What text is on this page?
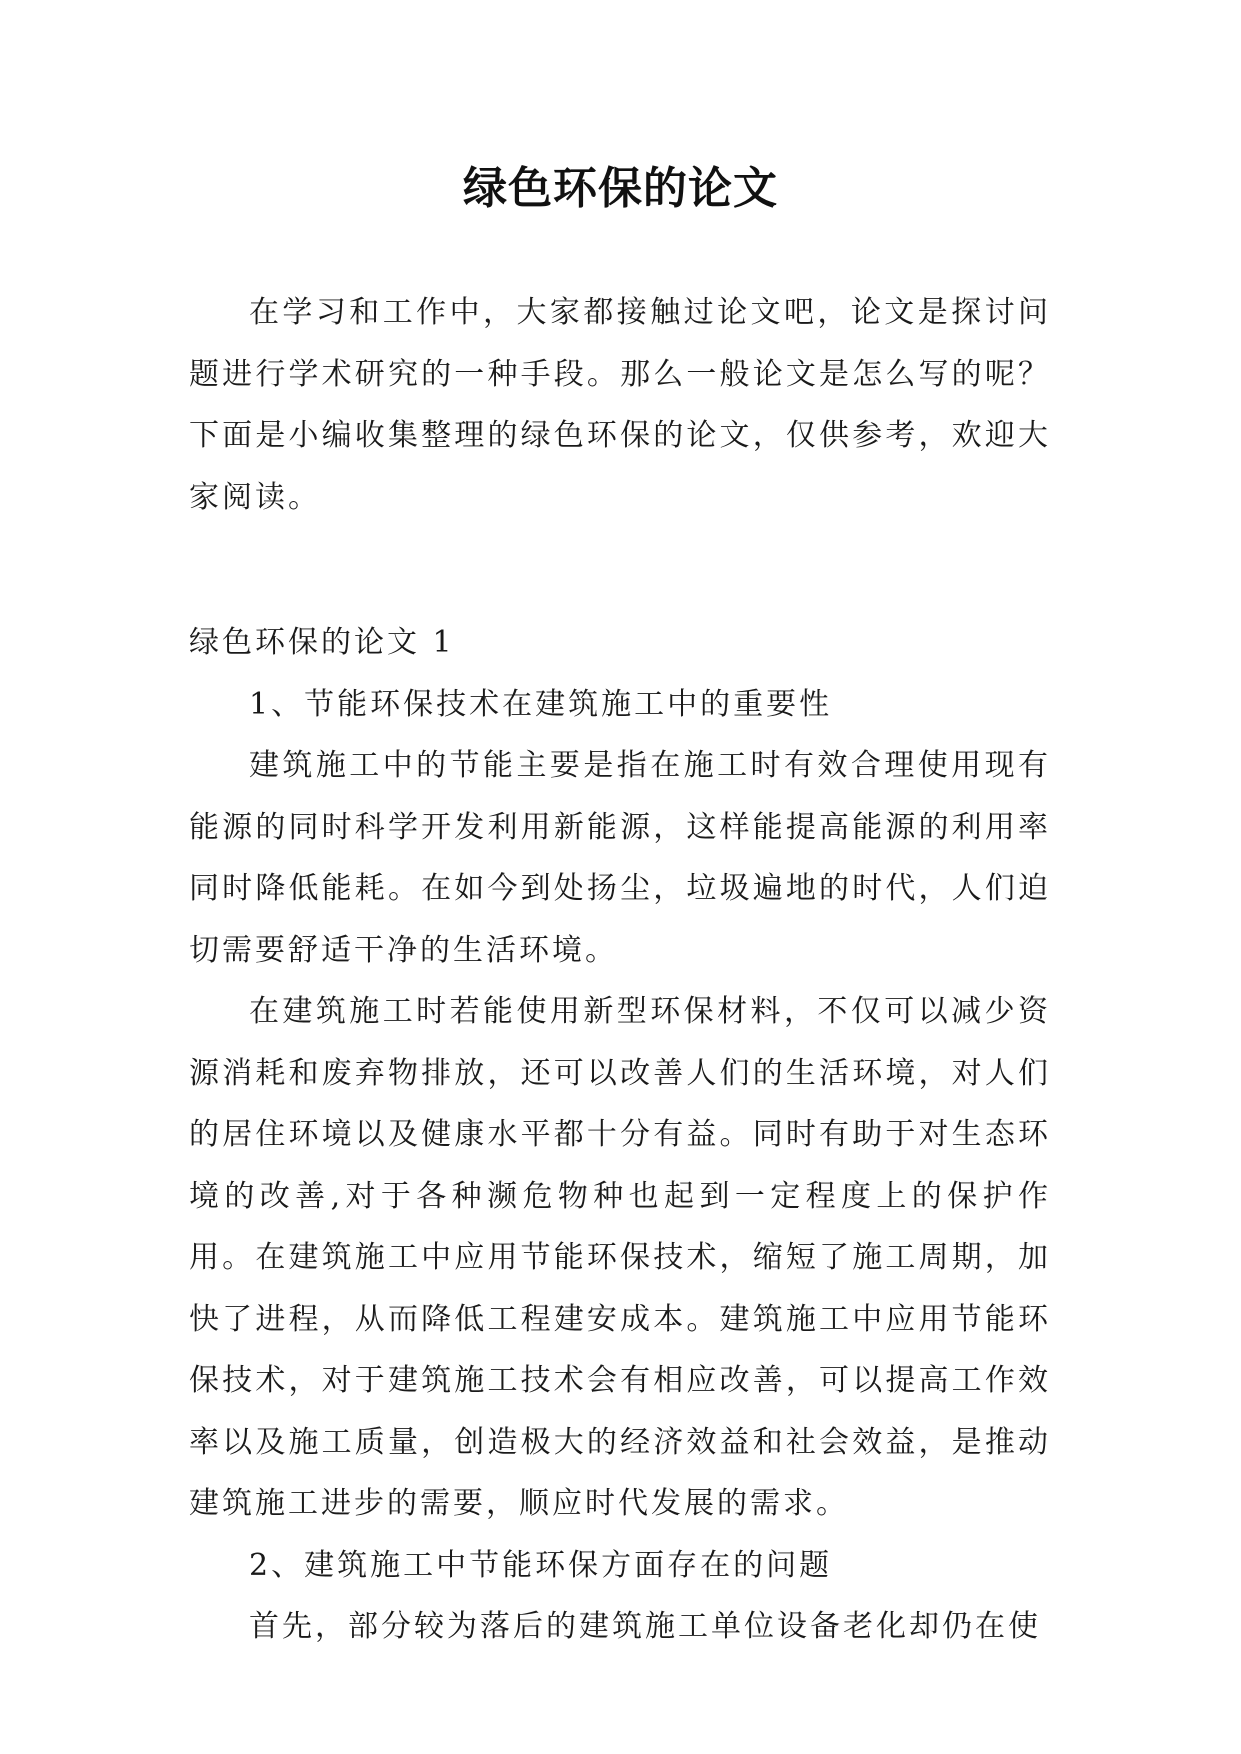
绿色环保的论文

在学习和工作中，大家都接触过论文吧，论文是探讨问题进行学术研究的一种手段。那么一般论文是怎么写的呢？下面是小编收集整理的绿色环保的论文，仅供参考，欢迎大家阅读。

绿色环保的论文 1

1、节能环保技术在建筑施工中的重要性

建筑施工中的节能主要是指在施工时有效合理使用现有能源的同时科学开发利用新能源，这样能提高能源的利用率同时降低能耗。在如今到处扬尘，垃圾遍地的时代，人们迫切需要舒适干净的生活环境。

在建筑施工时若能使用新型环保材料，不仅可以减少资源消耗和废弃物排放，还可以改善人们的生活环境，对人们的居住环境以及健康水平都十分有益。同时有助于对生态环境的改善,对于各种濒危物种也起到一定程度上的保护作用。在建筑施工中应用节能环保技术，缩短了施工周期，加快了进程，从而降低工程建安成本。建筑施工中应用节能环保技术，对于建筑施工技术会有相应改善，可以提高工作效率以及施工质量，创造极大的经济效益和社会效益，是推动建筑施工进步的需要，顺应时代发展的需求。

2、建筑施工中节能环保方面存在的问题

首先，部分较为落后的建筑施工单位设备老化却仍在使
